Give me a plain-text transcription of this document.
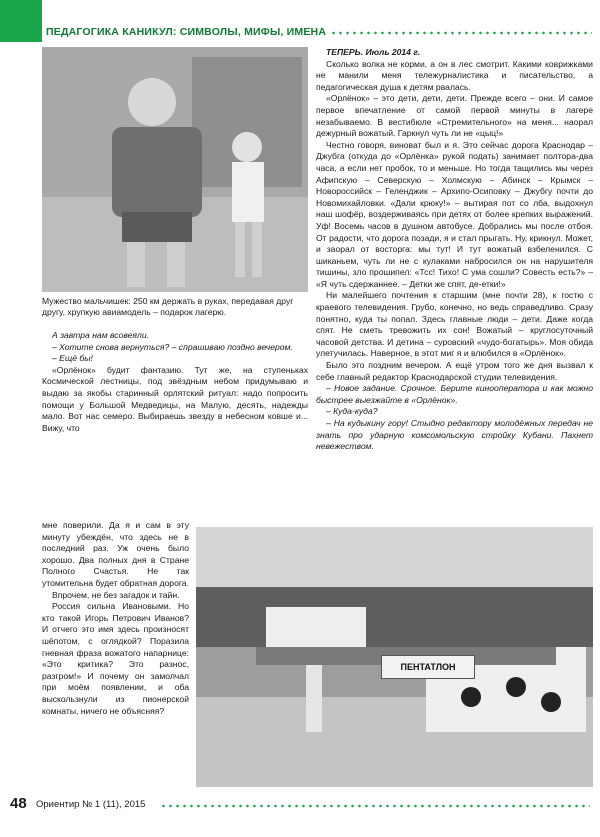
ПЕДАГОГИКА КАНИКУЛ: СИМВОЛЫ, МИФЫ, ИМЕНА
Мужество мальчишек: 250 км держать в руках, передавая друг другу, хрупкую авиамодель – подарок лагерю.

А завтра нам всовеяли.

– Хотите снова вернуться? – спрашиваю поздно вечером.

– Ещё бы!

«Орлёнок» будит фантазию. Тут же, на ступеньках Космической лестницы, под звёздным небом придумываю и выдаю за якобы старинный орлятский ритуал: надо попросить помощи у Большой Медведицы, на Малую, десять, надежды мало. Вот нас семеро. Выбираешь звезду в небесном ковше и... Вижу, что

мне поверили. Да я и сам в эту минуту убеждён, что здесь не в последний раз. Уж очень было хорошо. Два полных дня в Стране Полного Счастья. Не так утомительна будет обратная дорога.

Впрочем, не без загадок и тайн.

Россия сильна Ивановыми. Но кто такой Игорь Петрович Иванов? И отчего это имя здесь произносят шёпотом, с оглядкой? Поразила гневная фраза вожатого напарнице: «Это критика? Это разнос, разгром!» И почему он замолчал при моём появлении, и оба выскользнули из пионерской комнаты, ничего не объясняя?

ТЕПЕРЬ. Июль 2014 г.

Сколько волка не корми, а он в лес смотрит. Какими коврижками не манили меня тележурналистика и писательство, а педагогическая душа к детям рвалась.

«Орлёнок» – это дети, дети, дети. Прежде всего – они. И самое первое впечатление от самой первой минуты в лагере незабываемо. В вестибюле «Стремительного» на меня... наорал дежурный вожатый. Гаркнул чуть ли не «цыц!»

Честно говоря, виноват был и я. Это сейчас дорога Краснодар – Джубга (откуда до «Орлёнка» рукой подать) занимает полтора-два часа, а если нет пробок, то и меньше. Но тогда тащились мы через Афипскую – Северскую – Холмскую – Абинск – Крымск – Новороссийск – Геленджик – Архипо-Осиповку – Джубгу почти до Новомихайловки. «Дали крюку!» – вытирая пот со лба, выдохнул наш шофёр, воздерживаясь при детях от более крепких выражений. Уф! Восемь часов в душном автобусе. Добрались мы после отбоя. От радости, что дорога позади, я и стал прыгать. Ну, крикнул. Может, и заорал от восторга: мы тут! И тут вожатый взбеленился. С шиканьем, чуть ли не с кулаками набросился он на нарушителя тишины, зло прошипел: «Тсс! Тихо! С ума сошли? Совесть есть?» – «Я чуть сдержаннее. – Детки же спят, де-етки!»

Ни малейшего почтения к старшим (мне почти 28), к гостю с краевого телевидения. Грубо, конечно, но ведь справедливо. Сразу понятно, куда ты попал. Здесь главные люди – дети. Даже когда спят. Не сметь тревожить их сон! Вожатый – круглосуточный часовой детства. И детина – суровский «чудо-богатырь». Моя обида улетучилась. Наверное, в этот миг я и влюбился в «Орлёнок».

Было это поздним вечером. А ещё утром того же дня вызвал к себе главный редактор Краснодарской студии телевидения.

– Новое задание. Срочное. Берите кинооператора и как можно быстрее выезжайте в «Орлёнок».

– Куда-куда?

– На кудыкину гору! Стыдно редактору молодёжных передач не знать про ударную комсомольскую стройку Кубани. Пахнет невежеством.

ПЕНТАТЛОН
48 Ориентир № 1 (11), 2015
